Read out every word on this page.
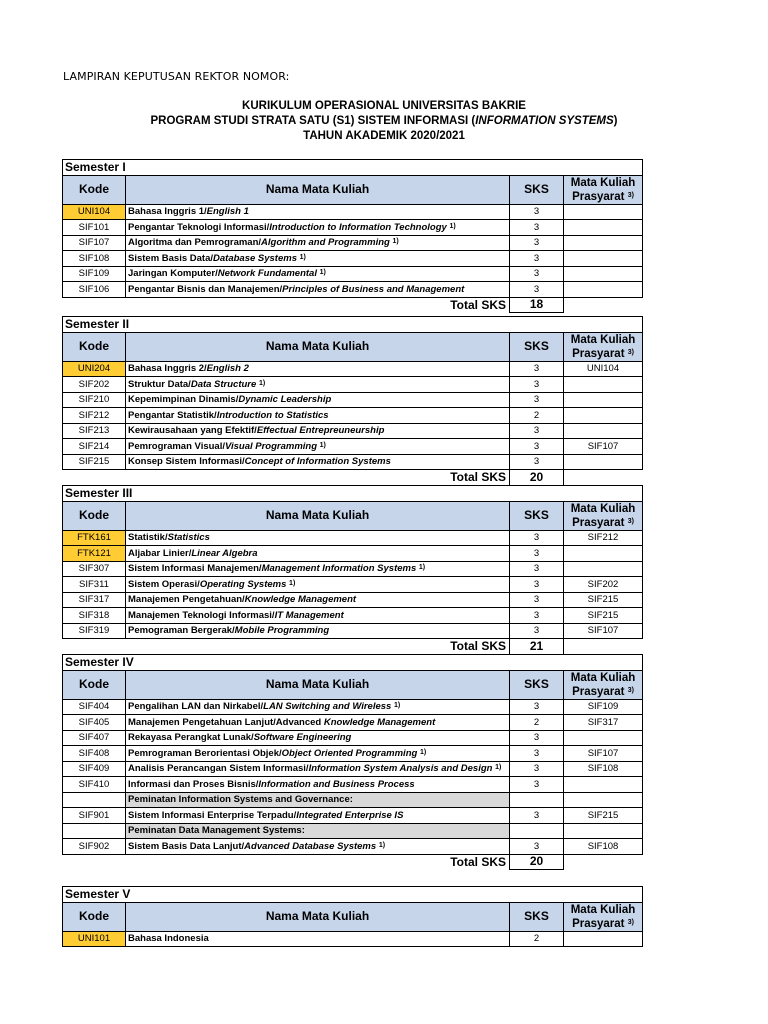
LAMPIRAN KEPUTUSAN REKTOR NOMOR:
KURIKULUM OPERASIONAL UNIVERSITAS BAKRIE
PROGRAM STUDI STRATA SATU (S1) SISTEM INFORMASI (INFORMATION SYSTEMS)
TAHUN AKADEMIK 2020/2021
Semester I			
Kode	Nama Mata Kuliah	SKS	Mata Kuliah
Prasyarat $^{3)}$

UNI104	Bahasa Inggris 1/English 1	3	
SIF101	Pengantar Teknologi Informasi/Introduction to Information Technology $^{1)}$	3	
SIF107	Algoritma dan Pemrograman/Algorithm and Programming $^{1)}$	3	
SIF108	Sistem Basis Data/Database Systems $^{1)}$	3	
SIF109	Jaringan Komputer/Network Fundamental $^{1)}$	3	
SIF106	Pengantar Bisnis dan Manajemen/Principles of Business and Management	3	
	Total SKS	18	
Semester II			
Kode	Nama Mata Kuliah	SKS	Mata Kuliah
Prasyarat $^{3)}$

UNI204	Bahasa Inggris 2/English 2	3	UNI104
SIF202	Struktur Data/Data Structure $^{1)}$	3	
SIF210	Kepemimpinan Dinamis/Dynamic Leadership	3	
SIF212	Pengantar Statistik/Introduction to Statistics	2	
SIF213	Kewirausahaan yang Efektif/Effectual Entrepreuneurship	3	
SIF214	Pemrograman Visual/Visual Programming $^{1)}$	3	SIF107
SIF215	Konsep Sistem Informasi/Concept of Information Systems	3	
	Total SKS	20	
Semester III			
Kode	Nama Mata Kuliah	SKS	Mata Kuliah
Prasyarat $^{3)}$

FTK161	Statistik/Statistics	3	SIF212
FTK121	Aljabar Linier/Linear Algebra	3	
SIF307	Sistem Informasi Manajemen/Management Information Systems $^{1)}$	3	
SIF311	Sistem Operasi/Operating Systems $^{1)}$	3	SIF202
SIF317	Manajemen Pengetahuan/Knowledge Management	3	SIF215
SIF318	Manajemen Teknologi Informasi/IT Management	3	SIF215
SIF319	Pemograman Bergerak/Mobile Programming	3	SIF107
	Total SKS	21	
Semester IV			
Kode	Nama Mata Kuliah	SKS	Mata Kuliah
Prasyarat $^{3)}$

SIF404	Pengalihan LAN dan Nirkabel/LAN Switching and Wireless $^{1)}$	3	SIF109
SIF405	Manajemen Pengetahuan Lanjut/Advanced Knowledge Management	2	SIF317
SIF407	Rekayasa Perangkat Lunak/Software Engineering	3	
SIF408	Pemrograman Berorientasi Objek/Object Oriented Programming $^{1)}$	3	SIF107
SIF409	Analisis Perancangan Sistem Informasi/Information System Analysis and Design $^{1)}$	3	SIF108
SIF410	Informasi dan Proses Bisnis/Information and Business Process	3	
	Peminatan Information Systems and Governance:		
SIF901	Sistem Informasi Enterprise Terpadu/Integrated Enterprise IS	3	SIF215
	Peminatan Data Management Systems:		
SIF902	Sistem Basis Data Lanjut/Advanced Database Systems $^{1)}$	3	SIF108
	Total SKS	20	
Semester V			
Kode	Nama Mata Kuliah	SKS	Mata Kuliah
Prasyarat $^{3)}$

UNI101	Bahasa Indonesia	2	
